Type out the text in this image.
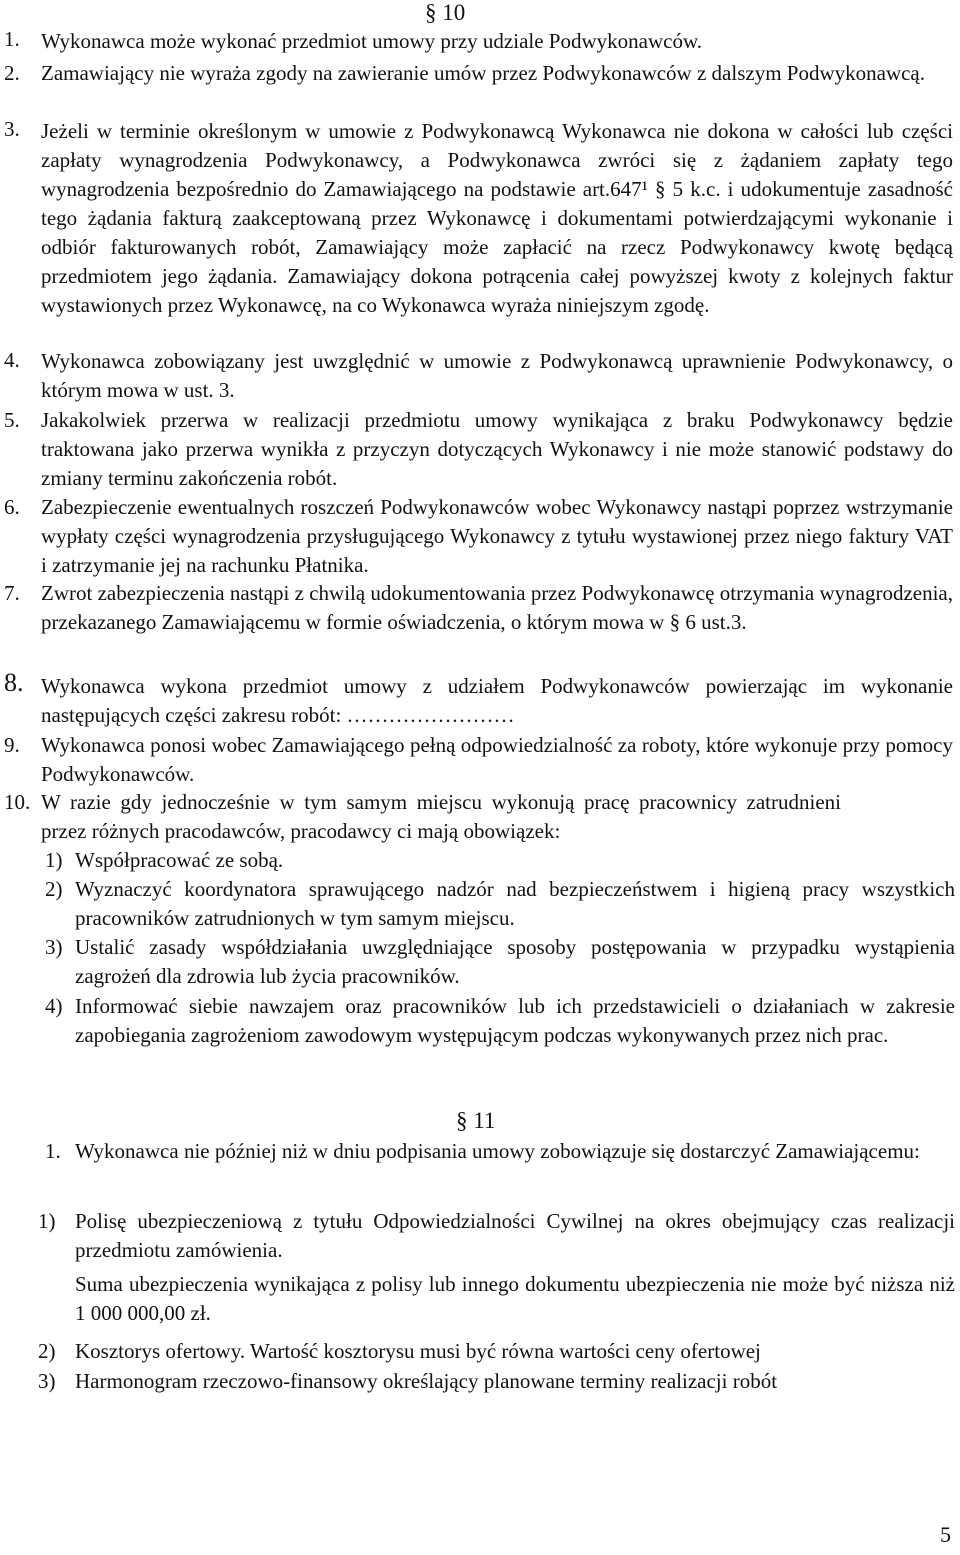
§ 10
1. Wykonawca może wykonać przedmiot umowy przy udziale Podwykonawców.
2. Zamawiający nie wyraża zgody na zawieranie umów przez Podwykonawców z dalszym Podwykonawcą.
3. Jeżeli w terminie określonym w umowie z Podwykonawcą Wykonawca nie dokona w całości lub części zapłaty wynagrodzenia Podwykonawcy, a Podwykonawca zwróci się z żądaniem zapłaty tego wynagrodzenia bezpośrednio do Zamawiającego na podstawie art.647¹ § 5 k.c. i udokumentuje zasadność tego żądania fakturą zaakceptowaną przez Wykonawcę i dokumentami potwierdzającymi wykonanie i odbiór fakturowanych robót, Zamawiający może zapłacić na rzecz Podwykonawcy kwotę będącą przedmiotem jego żądania. Zamawiający dokona potrącenia całej powyższej kwoty z kolejnych faktur wystawionych przez Wykonawcę, na co Wykonawca wyraża niniejszym zgodę.
4. Wykonawca zobowiązany jest uwzględnić w umowie z Podwykonawcą uprawnienie Podwykonawcy, o którym mowa w ust. 3.
5. Jakakolwiek przerwa w realizacji przedmiotu umowy wynikająca z braku Podwykonawcy będzie traktowana jako przerwa wynikła z przyczyn dotyczących Wykonawcy i nie może stanowić podstawy do zmiany terminu zakończenia robót.
6. Zabezpieczenie ewentualnych roszczeń Podwykonawców wobec Wykonawcy nastąpi poprzez wstrzymanie wypłaty części wynagrodzenia przysługującego Wykonawcy z tytułu wystawionej przez niego faktury VAT i zatrzymanie jej na rachunku Płatnika.
7. Zwrot zabezpieczenia nastąpi z chwilą udokumentowania przez Podwykonawcę otrzymania wynagrodzenia, przekazanego Zamawiającemu w formie oświadczenia, o którym mowa w § 6 ust.3.
8. Wykonawca wykona przedmiot umowy z udziałem Podwykonawców powierzając im wykonanie następujących części zakresu robót: ……………………
9. Wykonawca ponosi wobec Zamawiającego pełną odpowiedzialność za roboty, które wykonuje przy pomocy Podwykonawców.
10. W razie gdy jednocześnie w tym samym miejscu wykonują pracę pracownicy zatrudnieni przez różnych pracodawców, pracodawcy ci mają obowiązek:
1) Współpracować ze sobą.
2) Wyznaczyć koordynatora sprawującego nadzór nad bezpieczeństwem i higieną pracy wszystkich pracowników zatrudnionych w tym samym miejscu.
3) Ustalić zasady współdziałania uwzględniające sposoby postępowania w przypadku wystąpienia zagrożeń dla zdrowia lub życia pracowników.
4) Informować siebie nawzajem oraz pracowników lub ich przedstawicieli o działaniach w zakresie zapobiegania zagrożeniom zawodowym występującym podczas wykonywanych przez nich prac.
§ 11
1. Wykonawca nie później niż w dniu podpisania umowy zobowiązuje się dostarczyć Zamawiającemu:
1) Polisę ubezpieczeniową z tytułu Odpowiedzialności Cywilnej na okres obejmujący czas realizacji przedmiotu zamówienia.
Suma ubezpieczenia wynikająca z polisy lub innego dokumentu ubezpieczenia nie może być niższa niż 1 000 000,00 zł.
2) Kosztorys ofertowy. Wartość kosztorysu musi być równa wartości ceny ofertowej
3) Harmonogram rzeczowo-finansowy określający planowane terminy realizacji robót
5
